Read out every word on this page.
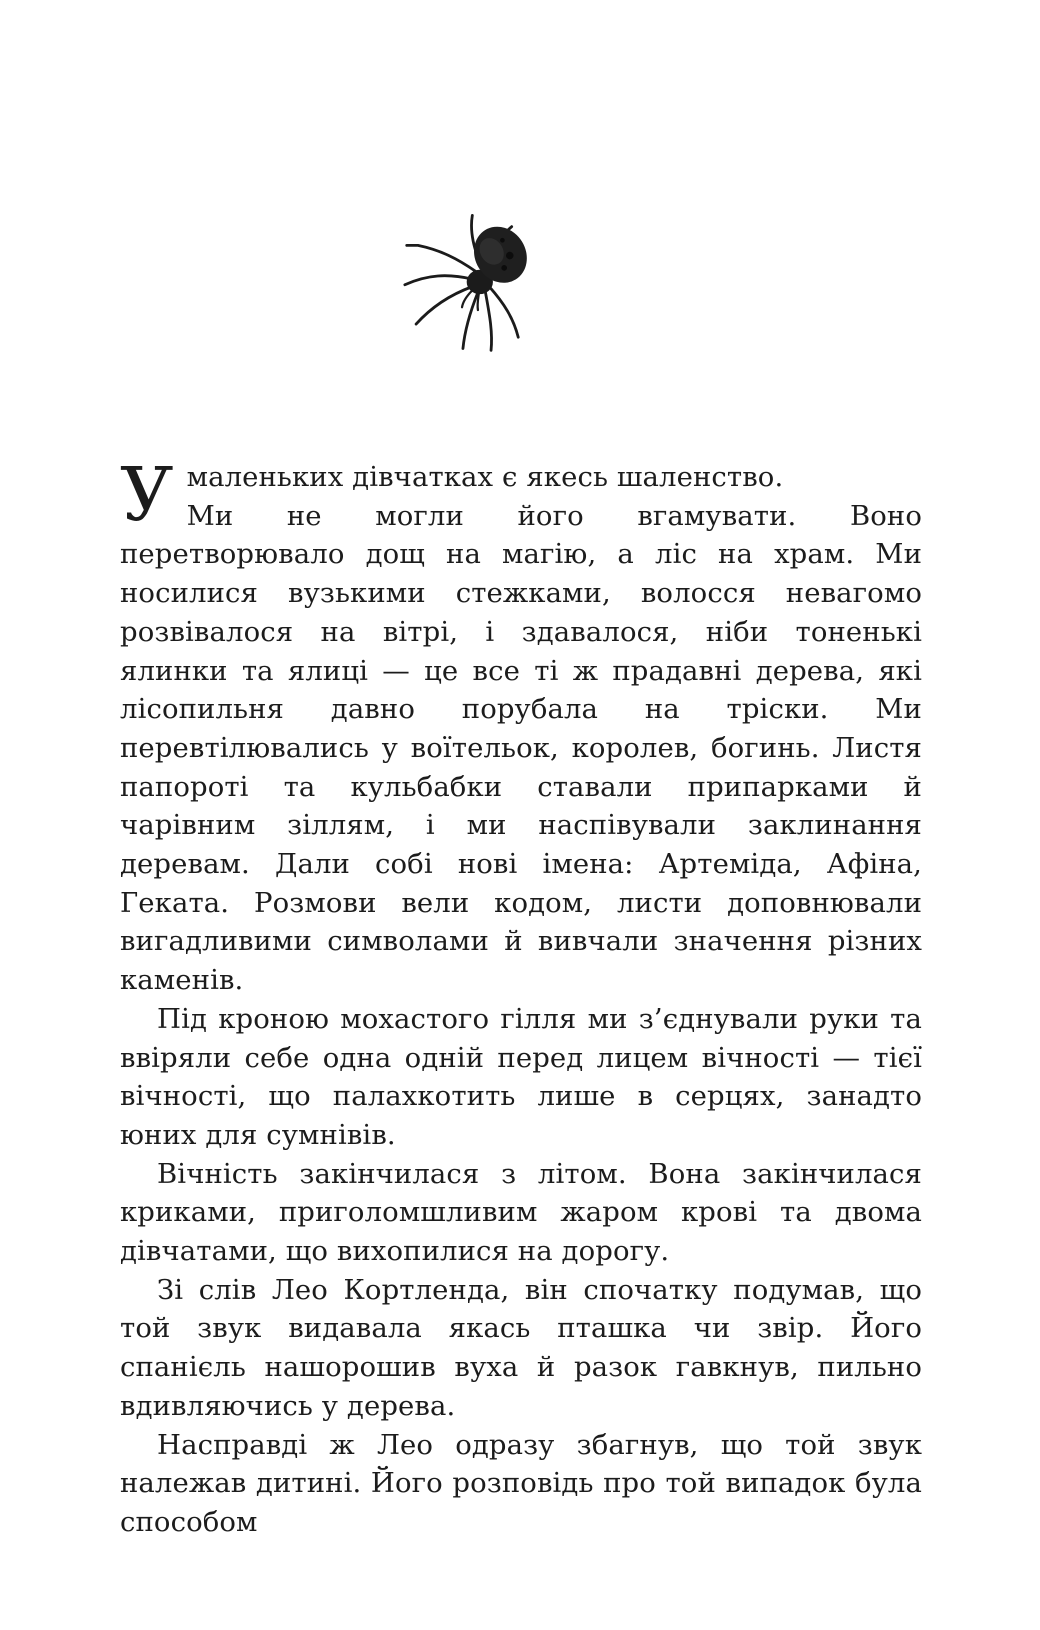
У маленьких дівчатках є якесь шаленство.

Ми не могли його вгамувати. Воно перетворювало дощ на магію, а ліс на храм. Ми носилися вузькими стежками, волосся невагомо розвівалося на вітрі, і здавалося, ніби тоненькі ялинки та ялиці — це все ті ж прадавні дерева, які лісопильня давно порубала на тріски. Ми перевтілювались у воїтельок, королев, богинь. Листя папороті та кульбабки ставали припарками й чарівним зіллям, і ми наспівували заклинання деревам. Дали собі нові імена: Артеміда, Афіна, Геката. Розмови вели кодом, листи доповнювали вигадливими символами й вивчали значення різних каменів.

Під кроною мохастого гілля ми з’єднували руки та ввіряли себе одна одній перед лицем вічності — тієї вічності, що палахкотить лише в серцях, занадто юних для сумнівів.

Вічність закінчилася з літом. Вона закінчилася криками, приголомшливим жаром крові та двома дівчатами, що вихопилися на дорогу.

Зі слів Лео Кортленда, він спочатку подумав, що той звук видавала якась пташка чи звір. Його спанієль нашорошив вуха й разок гавкнув, пильно вдивляючись у дерева.

Насправді ж Лео одразу збагнув, що той звук належав дитині. Його розповідь про той випадок була способом
